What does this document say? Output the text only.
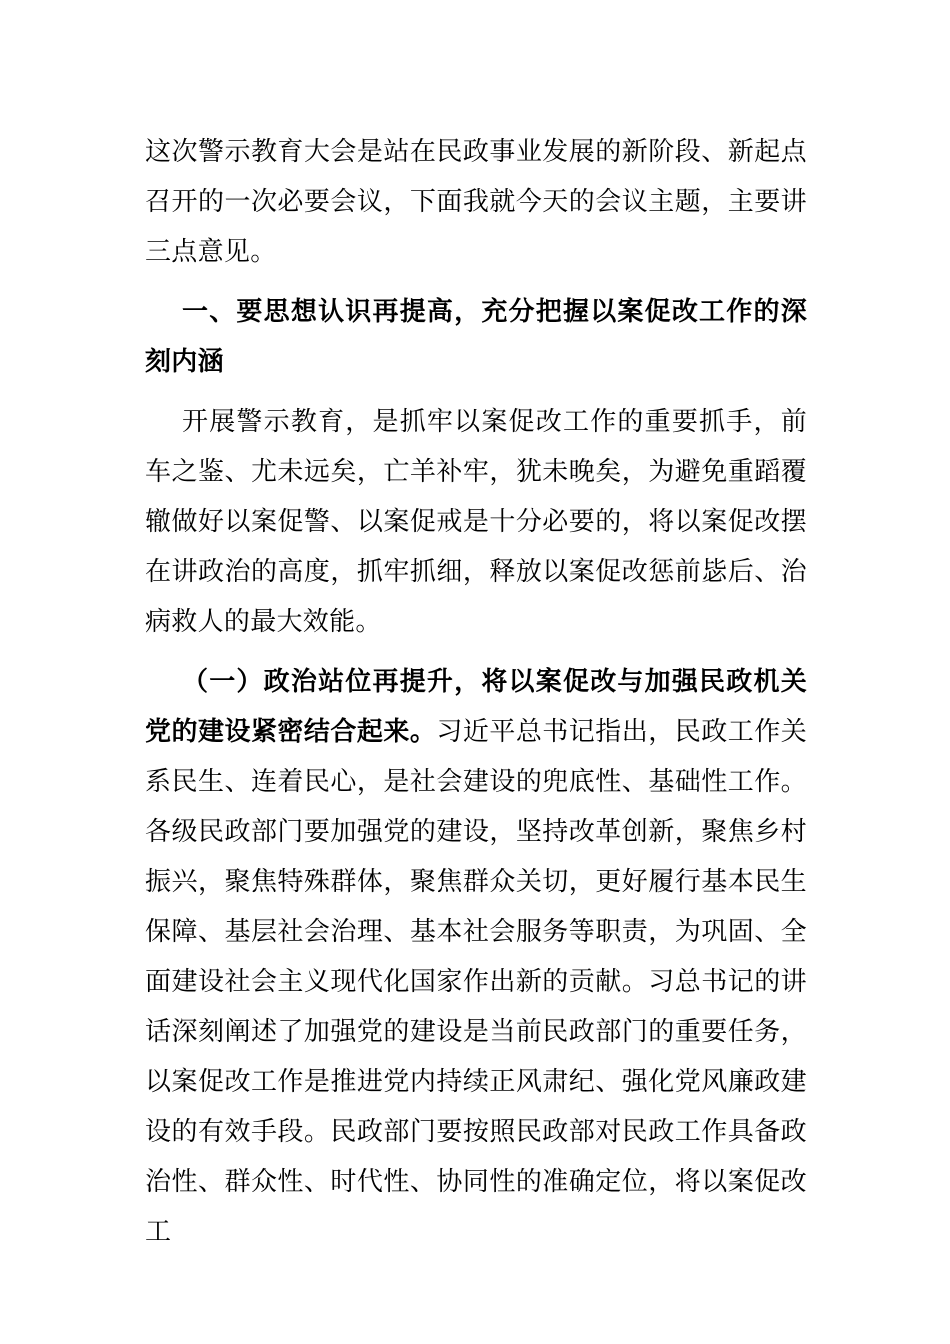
这次警示教育大会是站在民政事业发展的新阶段、新起点召开的一次必要会议，下面我就今天的会议主题，主要讲三点意见。

一、要思想认识再提高，充分把握以案促改工作的深刻内涵

开展警示教育，是抓牢以案促改工作的重要抓手，前车之鉴、尤未远矣，亡羊补牢，犹未晚矣，为避免重蹈覆辙做好以案促警、以案促戒是十分必要的，将以案促改摆在讲政治的高度，抓牢抓细，释放以案促改惩前毖后、治病救人的最大效能。

（一）政治站位再提升，将以案促改与加强民政机关党的建设紧密结合起来。习近平总书记指出，民政工作关系民生、连着民心，是社会建设的兜底性、基础性工作。各级民政部门要加强党的建设，坚持改革创新，聚焦乡村振兴，聚焦特殊群体，聚焦群众关切，更好履行基本民生保障、基层社会治理、基本社会服务等职责，为巩固、全面建设社会主义现代化国家作出新的贡献。习总书记的讲话深刻阐述了加强党的建设是当前民政部门的重要任务，以案促改工作是推进党内持续正风肃纪、强化党风廉政建设的有效手段。民政部门要按照民政部对民政工作具备政治性、群众性、时代性、协同性的准确定位，将以案促改工
